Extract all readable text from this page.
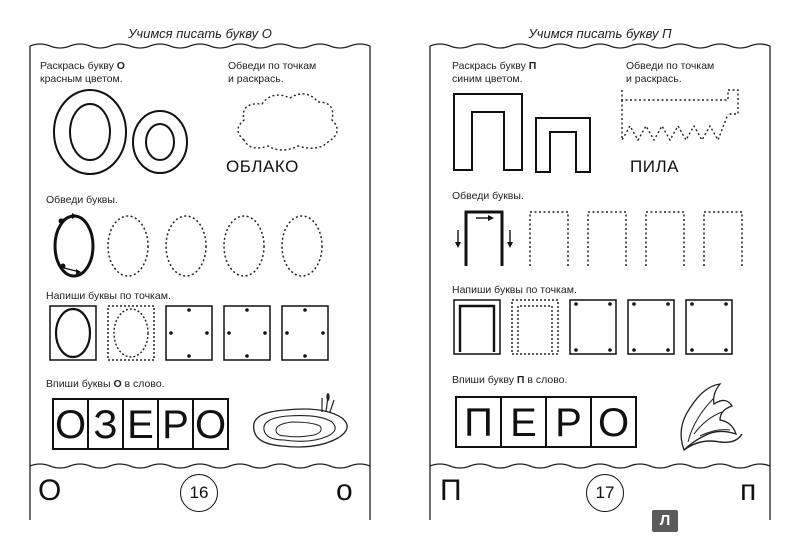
Учимся писать букву О
Раскрась букву О
красным цветом.
Обведи по точкам
и раскрась.
ОБЛАКО
Обведи буквы.
Напиши буквы по точкам.
Впиши буквы О в слово.
О З Е Р О
О	16	о
Учимся писать букву П
Раскрась букву П
синим цветом.
Обведи по точкам
и раскрась.
ПИЛА
Обведи буквы.
Напиши буквы по точкам.
Впиши букву П в слово.
П Е Р О
П	17	п
Л
